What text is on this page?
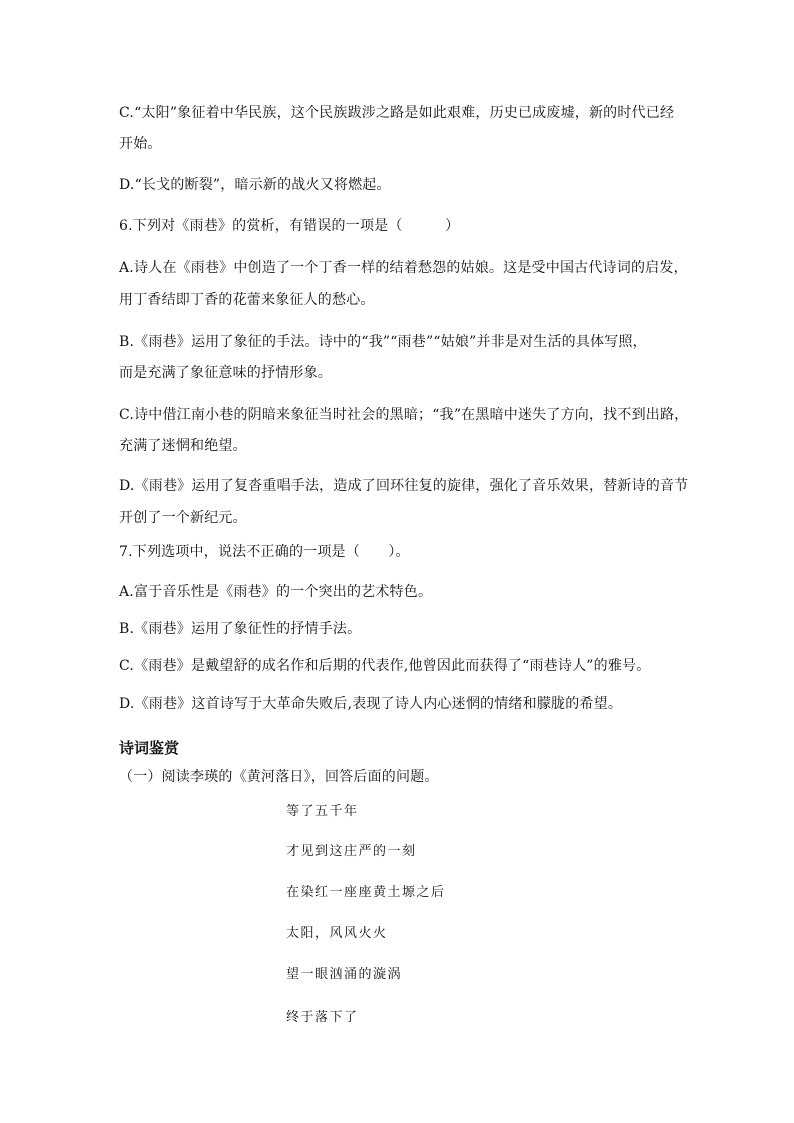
C.“太阳”象征着中华民族，这个民族跋涉之路是如此艰难，历史已成废墟，新的时代已经
开始。
D.“长戈的断裂”，暗示新的战火又将燃起。
6.下列对《雨巷》的赏析，有错误的一项是（　　　）
A.诗人在《雨巷》中创造了一个丁香一样的结着愁怨的姑娘。这是受中国古代诗词的启发，
用丁香结即丁香的花蕾来象征人的愁心。
B.《雨巷》运用了象征的手法。诗中的“我”“雨巷”“姑娘”并非是对生活的具体写照，
而是充满了象征意味的抒情形象。
C.诗中借江南小巷的阴暗来象征当时社会的黑暗；“我”在黑暗中迷失了方向，找不到出路，
充满了迷惘和绝望。
D.《雨巷》运用了复沓重唱手法，造成了回环往复的旋律，强化了音乐效果，替新诗的音节
开创了一个新纪元。
7.下列选项中，说法不正确的一项是（　　）。
A.富于音乐性是《雨巷》的一个突出的艺术特色。
B.《雨巷》运用了象征性的抒情手法。
C.《雨巷》是戴望舒的成名作和后期的代表作,他曾因此而获得了“雨巷诗人”的雅号。
D.《雨巷》这首诗写于大革命失败后,表现了诗人内心迷惘的情绪和朦胧的希望。
诗词鉴赏
（一）阅读李瑛的《黄河落日》，回答后面的问题。
等了五千年
才见到这庄严的一刻
在染红一座座黄土塬之后
太阳，风风火火
望一眼汹涌的漩涡
终于落下了
